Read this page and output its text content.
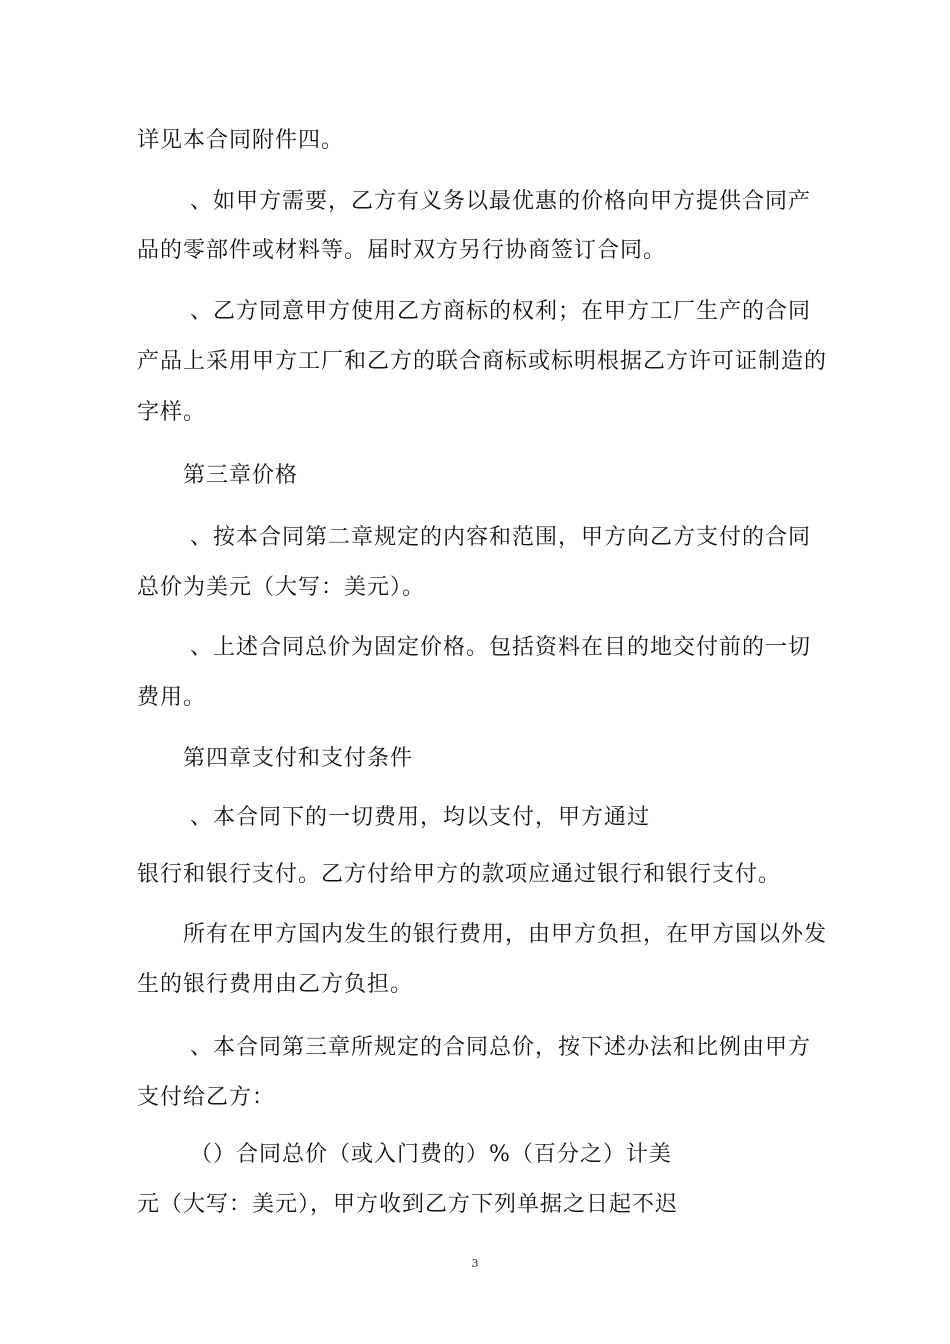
详见本合同附件四。
、如甲方需要，乙方有义务以最优惠的价格向甲方提供合同产
品的零部件或材料等。届时双方另行协商签订合同。
、乙方同意甲方使用乙方商标的权利；在甲方工厂生产的合同
产品上采用甲方工厂和乙方的联合商标或标明根据乙方许可证制造的
字样。
第三章价格
、按本合同第二章规定的内容和范围，甲方向乙方支付的合同
总价为美元（大写：美元）。
、上述合同总价为固定价格。包括资料在目的地交付前的一切
费用。
第四章支付和支付条件
、本合同下的一切费用，均以支付，甲方通过
银行和银行支付。乙方付给甲方的款项应通过银行和银行支付。
所有在甲方国内发生的银行费用，由甲方负担，在甲方国以外发
生的银行费用由乙方负担。
、本合同第三章所规定的合同总价，按下述办法和比例由甲方
支付给乙方：
（）合同总价（或入门费的）%（百分之）计美
元（大写：美元），甲方收到乙方下列单据之日起不迟
3
